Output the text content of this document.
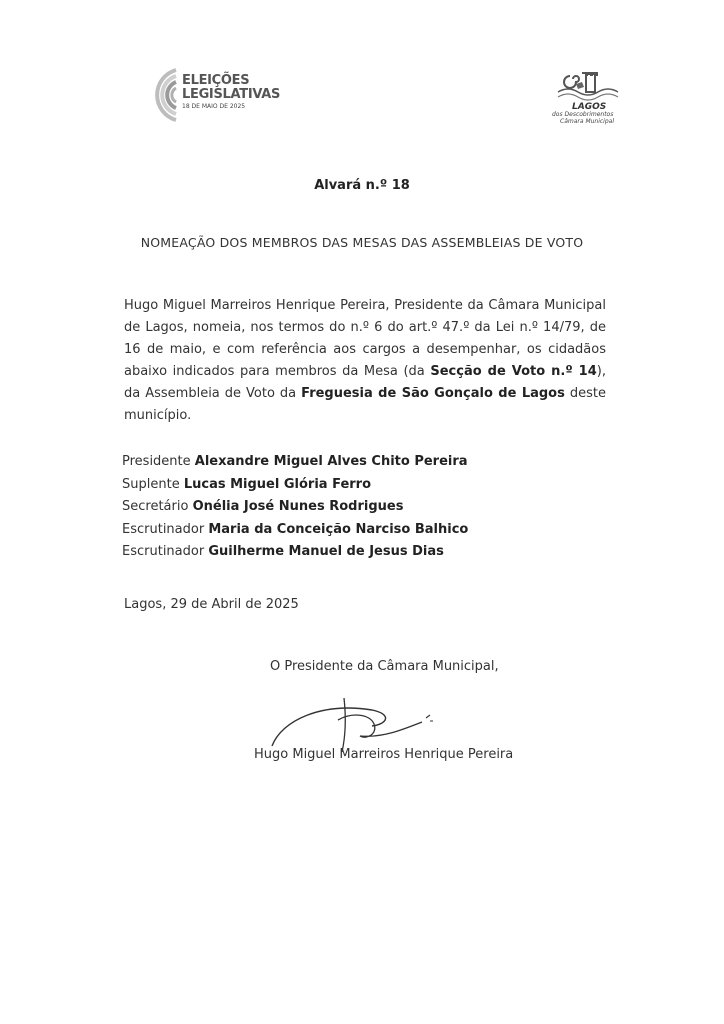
ELEIÇÕES
LEGISLATIVAS
18 DE MAIO DE 2025	LAGOS
dos Descobrimentos
Câmara Municipal
Alvará n.º 18
NOMEAÇÃO DOS MEMBROS DAS MESAS DAS ASSEMBLEIAS DE VOTO
Hugo Miguel Marreiros Henrique Pereira, Presidente da Câmara Municipal de Lagos, nomeia, nos termos do n.º 6 do art.º 47.º da Lei n.º 14/79, de 16 de maio, e com referência aos cargos a desempenhar, os cidadãos abaixo indicados para membros da Mesa (da Secção de Voto n.º 14), da Assembleia de Voto da Freguesia de São Gonçalo de Lagos deste município.
Presidente Alexandre Miguel Alves Chito Pereira
Suplente Lucas Miguel Glória Ferro
Secretário Onélia José Nunes Rodrigues
Escrutinador Maria da Conceição Narciso Balhico
Escrutinador Guilherme Manuel de Jesus Dias
Lagos, 29 de Abril de 2025
O Presidente da Câmara Municipal,
Hugo Miguel Marreiros Henrique Pereira
